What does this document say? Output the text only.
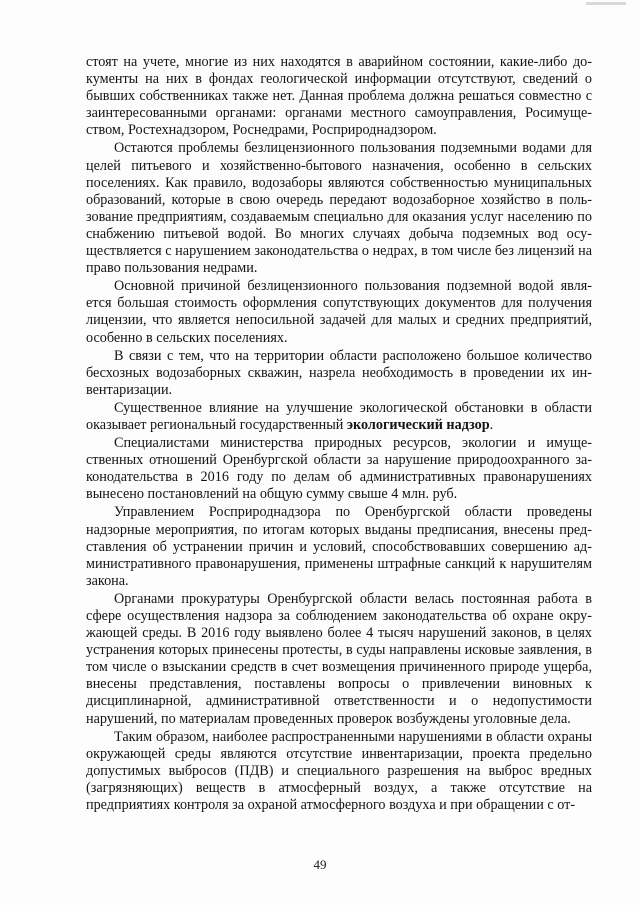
стоят на учете, многие из них находятся в аварийном состоянии, какие-либо документы на них в фондах геологической информации отсутствуют, сведений о бывших собственниках также нет. Данная проблема должна решаться совместно с заинтересованными органами: органами местного самоуправления, Росимуществом, Ростехнадзором, Роснедрами, Росприроднадзором.

Остаются проблемы безлицензионного пользования подземными водами для целей питьевого и хозяйственно-бытового назначения, особенно в сельских поселениях. Как правило, водозаборы являются собственностью муниципальных образований, которые в свою очередь передают водозаборное хозяйство в пользование предприятиям, создаваемым специально для оказания услуг населению по снабжению питьевой водой. Во многих случаях добыча подземных вод осуществляется с нарушением законодательства о недрах, в том числе без лицензий на право пользования недрами.

Основной причиной безлицензионного пользования подземной водой является большая стоимость оформления сопутствующих документов для получения лицензии, что является непосильной задачей для малых и средних предприятий, особенно в сельских поселениях.

В связи с тем, что на территории области расположено большое количество бесхозных водозаборных скважин, назрела необходимость в проведении их инвентаризации.

Существенное влияние на улучшение экологической обстановки в области оказывает региональный государственный экологический надзор.

Специалистами министерства природных ресурсов, экологии и имущественных отношений Оренбургской области за нарушение природоохранного законодательства в 2016 году по делам об административных правонарушениях вынесено постановлений на общую сумму свыше 4 млн. руб.

Управлением Росприроднадзора по Оренбургской области проведены надзорные мероприятия, по итогам которых выданы предписания, внесены представления об устранении причин и условий, способствовавших совершению административного правонарушения, применены штрафные санкций к нарушителям закона.

Органами прокуратуры Оренбургской области велась постоянная работа в сфере осуществления надзора за соблюдением законодательства об охране окружающей среды. В 2016 году выявлено более 4 тысяч нарушений законов, в целях устранения которых принесены протесты, в суды направлены исковые заявления, в том числе о взыскании средств в счет возмещения причиненного природе ущерба, внесены представления, поставлены вопросы о привлечении виновных к дисциплинарной, административной ответственности и о недопустимости нарушений, по материалам проведенных проверок возбуждены уголовные дела.

Таким образом, наиболее распространенными нарушениями в области охраны окружающей среды являются отсутствие инвентаризации, проекта предельно допустимых выбросов (ПДВ) и специального разрешения на выброс вредных (загрязняющих) веществ в атмосферный воздух, а также отсутствие на предприятиях контроля за охраной атмосферного воздуха и при обращении с от-

49
